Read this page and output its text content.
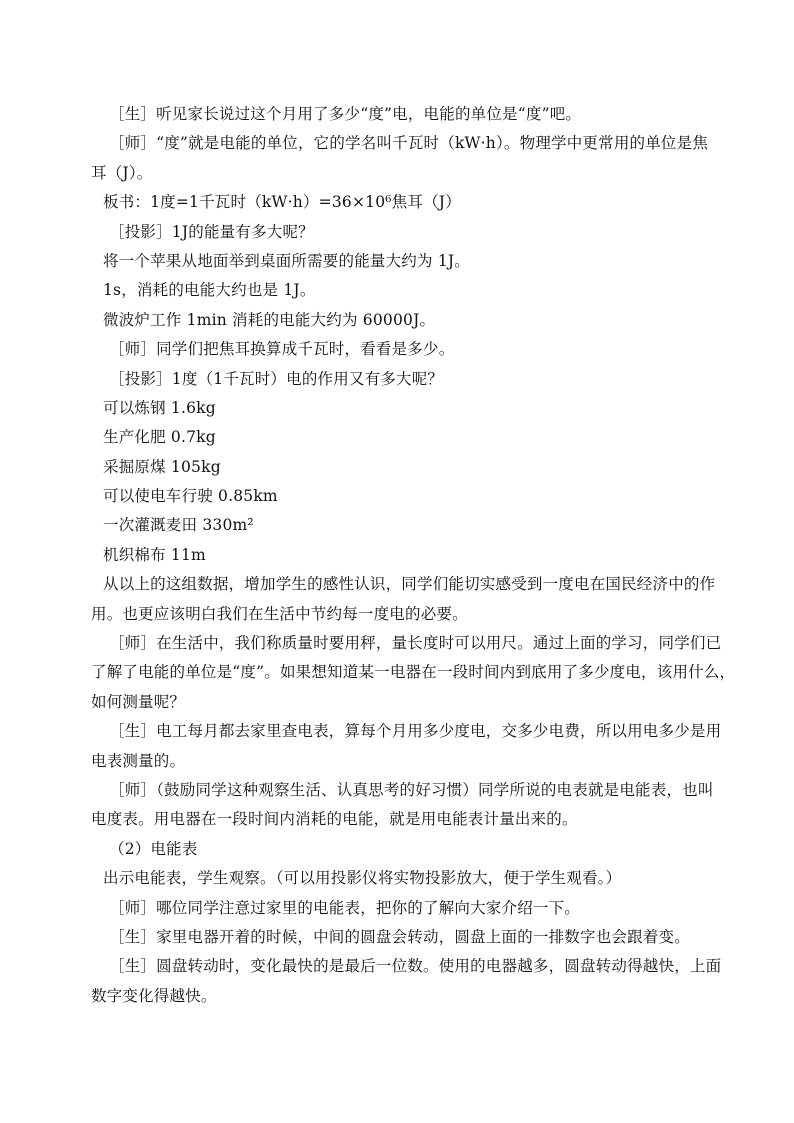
［生］听见家长说过这个月用了多少“度”电，电能的单位是“度”吧。
［师］“度”就是电能的单位，它的学名叫千瓦时（kW·h）。物理学中更常用的单位是焦
耳（J）。
板书：1度=1千瓦时（kW·h）=36×10⁶焦耳（J）
［投影］1J的能量有多大呢？
将一个苹果从地面举到桌面所需要的能量大约为 1J。
1s，消耗的电能大约也是 1J。
微波炉工作 1min 消耗的电能大约为 60000J。
［师］同学们把焦耳换算成千瓦时，看看是多少。
［投影］1度（1千瓦时）电的作用又有多大呢？
可以炼钢 1.6kg
生产化肥 0.7kg
采掘原煤 105kg
可以使电车行驶 0.85km
一次灌溉麦田 330m²
机织棉布 11m
从以上的这组数据，增加学生的感性认识，同学们能切实感受到一度电在国民经济中的作
用。也更应该明白我们在生活中节约每一度电的必要。
［师］在生活中，我们称质量时要用秤，量长度时可以用尺。通过上面的学习，同学们已
了解了电能的单位是“度”。如果想知道某一电器在一段时间内到底用了多少度电，该用什么，
如何测量呢？
［生］电工每月都去家里查电表，算每个月用多少度电，交多少电费，所以用电多少是用
电表测量的。
［师］（鼓励同学这种观察生活、认真思考的好习惯）同学所说的电表就是电能表，也叫
电度表。用电器在一段时间内消耗的电能，就是用电能表计量出来的。
（2）电能表
出示电能表，学生观察。（可以用投影仪将实物投影放大，便于学生观看。）
［师］哪位同学注意过家里的电能表，把你的了解向大家介绍一下。
［生］家里电器开着的时候，中间的圆盘会转动，圆盘上面的一排数字也会跟着变。
［生］圆盘转动时，变化最快的是最后一位数。使用的电器越多，圆盘转动得越快，上面
数字变化得越快。
